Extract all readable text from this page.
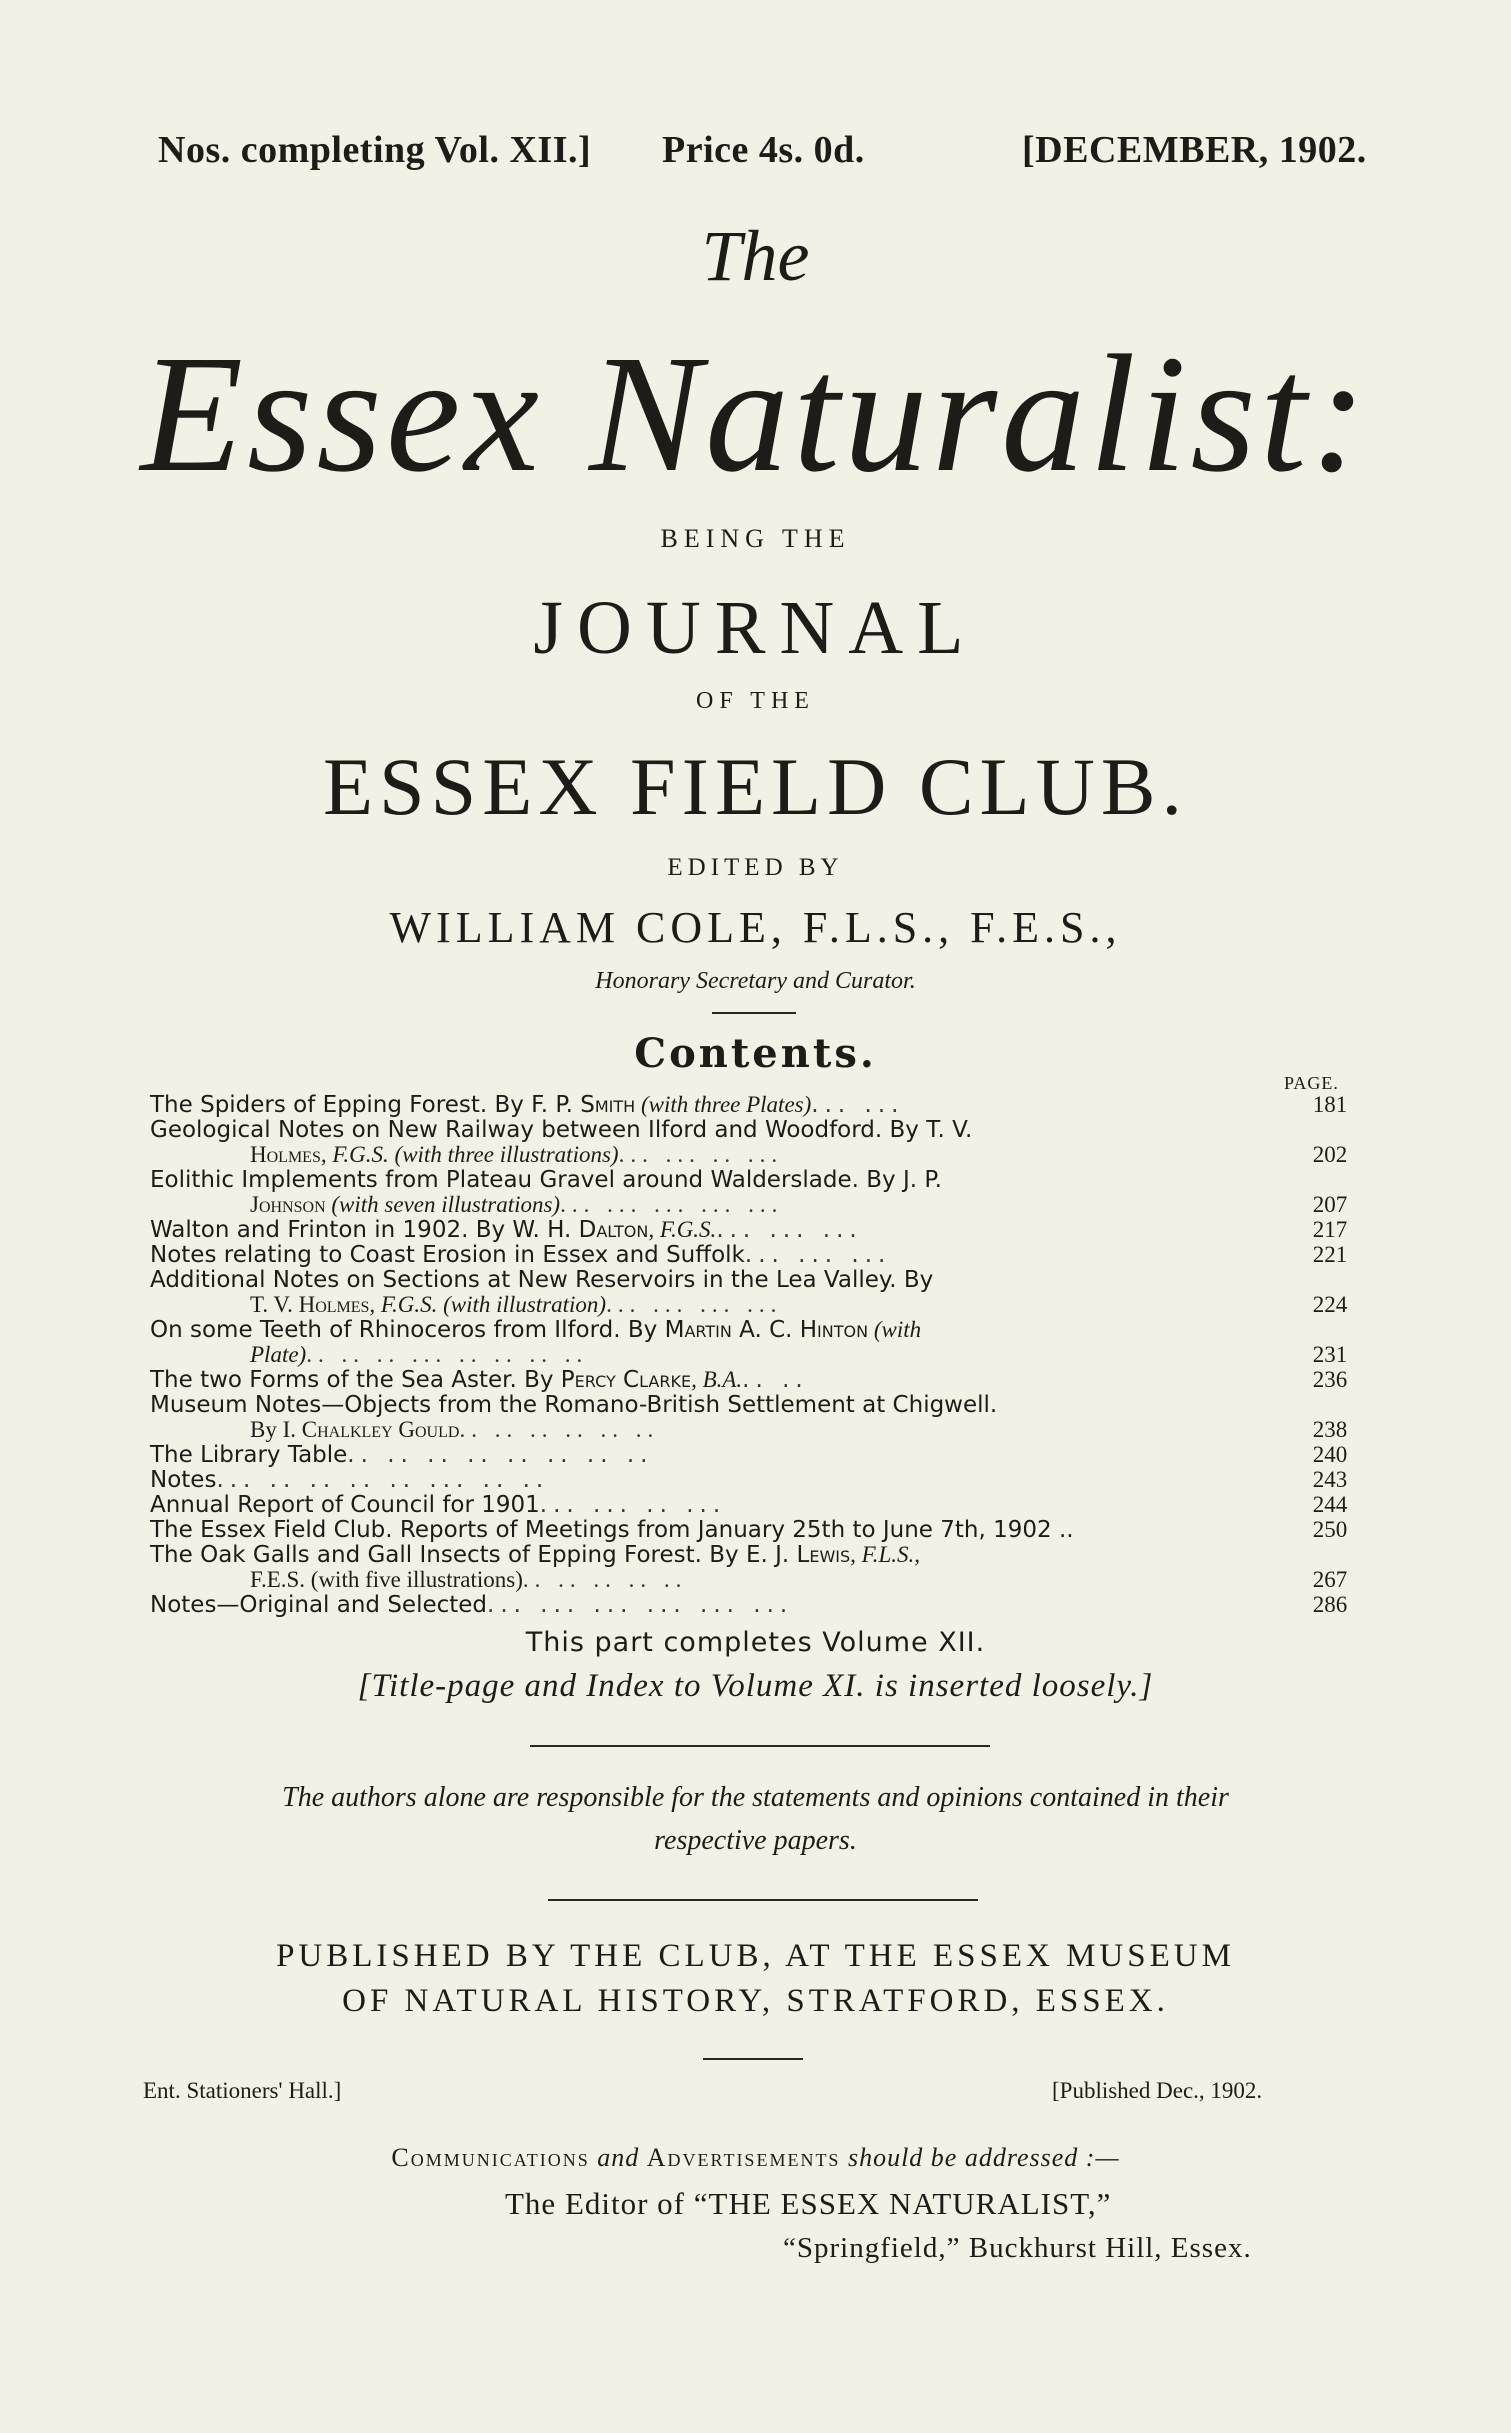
Nos. completing Vol. XII.] Price 4s. 0d.	[DECEMBER, 1902.
The
Essex Naturalist:
BEING THE
JOURNAL
OF THE
ESSEX FIELD CLUB.
EDITED BY
WILLIAM COLE, F.L.S., F.E.S.,
Honorary Secretary and Curator.
Contents.
PAGE.
The Spiders of Epping Forest. By F. P. Smith (with three Plates)... ...	181
Geological Notes on New Railway between Ilford and Woodford. By T. V.
Holmes, F.G.S. (with three illustrations)... ... .. ...	202
Eolithic Implements from Plateau Gravel around Walderslade. By J. P.
Johnson (with seven illustrations)... ... ... ... ...	207
Walton and Frinton in 1902. By W. H. Dalton, F.G.S.... ... ...	217
Notes relating to Coast Erosion in Essex and Suffolk... ... ...	221
Additional Notes on Sections at New Reservoirs in the Lea Valley. By
T. V. Holmes, F.G.S. (with illustration)... ... ... ...	224
On some Teeth of Rhinoceros from Ilford. By Martin A. C. Hinton (with
Plate).. .. .. ... .. .. .. ..	231
The two Forms of the Sea Aster. By Percy Clarke, B.A... ..	236
Museum Notes—Objects from the Romano-British Settlement at Chigwell.
By I. Chalkley Gould.. .. .. .. .. ..	238
The Library Table.. .. .. .. .. .. .. ..	240
Notes... .. .. .. .. ... .. ..	243
Annual Report of Council for 1901... ... .. ...	244
The Essex Field Club. Reports of Meetings from January 25th to June 7th, 1902 ..	250
The Oak Galls and Gall Insects of Epping Forest. By E. J. Lewis, F.L.S.,
F.E.S. (with five illustrations).. .. .. .. ..	267
Notes—Original and Selected... ... ... ... ... ...	286
This part completes Volume XII.
[Title-page and Index to Volume XI. is inserted loosely.]
The authors alone are responsible for the statements and opinions contained in their
respective papers.
PUBLISHED BY THE CLUB, AT THE ESSEX MUSEUM
OF NATURAL HISTORY, STRATFORD, ESSEX.
Ent. Stationers' Hall.]	[Published Dec., 1902.
Communications and Advertisements should be addressed :—
The Editor of “THE ESSEX NATURALIST,”
“Springfield,” Buckhurst Hill, Essex.
